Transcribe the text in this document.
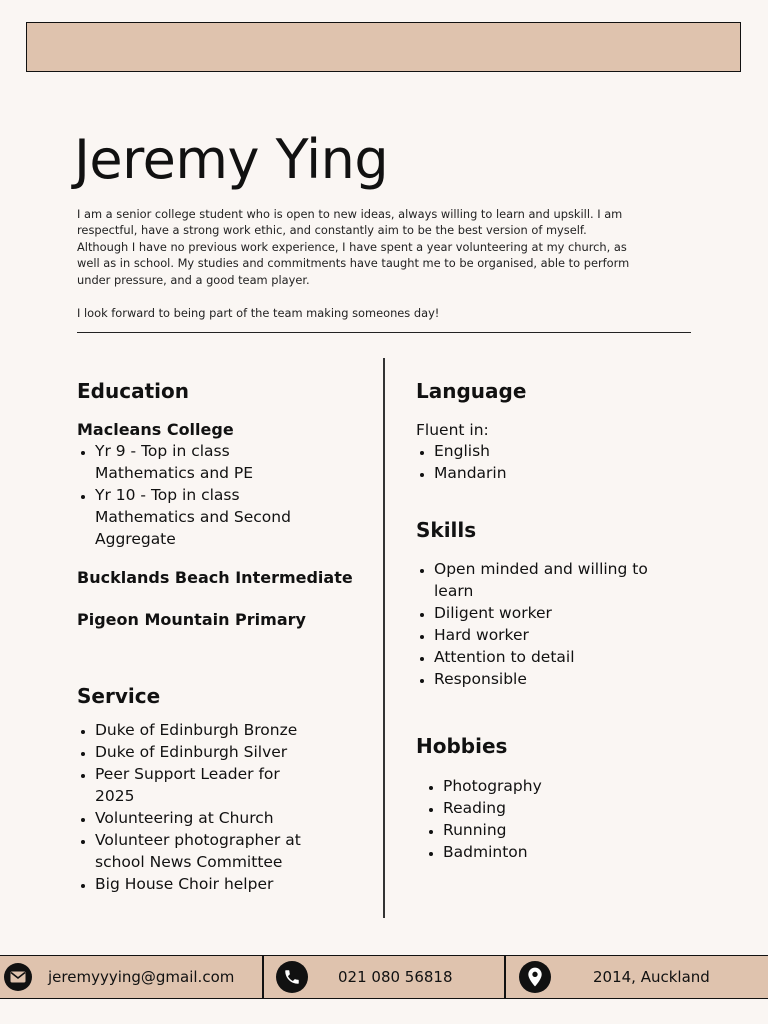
Jeremy Ying

I am a senior college student who is open to new ideas, always willing to learn and upskill. I am respectful, have a strong work ethic, and constantly aim to be the best version of myself. Although I have no previous work experience, I have spent a year volunteering at my church, as well as in school. My studies and commitments have taught me to be organised, able to perform under pressure, and a good team player.

I look forward to being part of the team making someones day!

Education
Macleans College
• Yr 9 - Top in class Mathematics and PE
• Yr 10 - Top in class Mathematics and Second Aggregate
Bucklands Beach Intermediate
Pigeon Mountain Primary
Service
• Duke of Edinburgh Bronze
• Duke of Edinburgh Silver
• Peer Support Leader for 2025
• Volunteering at Church
• Volunteer photographer at school News Committee
• Big House Choir helper
Language
Fluent in:
• English
• Mandarin
Skills
• Open minded and willing to learn
• Diligent worker
• Hard worker
• Attention to detail
• Responsible
Hobbies
• Photography
• Reading
• Running
• Badminton
jeremyyying@gmail.com	021 080 56818	2014, Auckland
